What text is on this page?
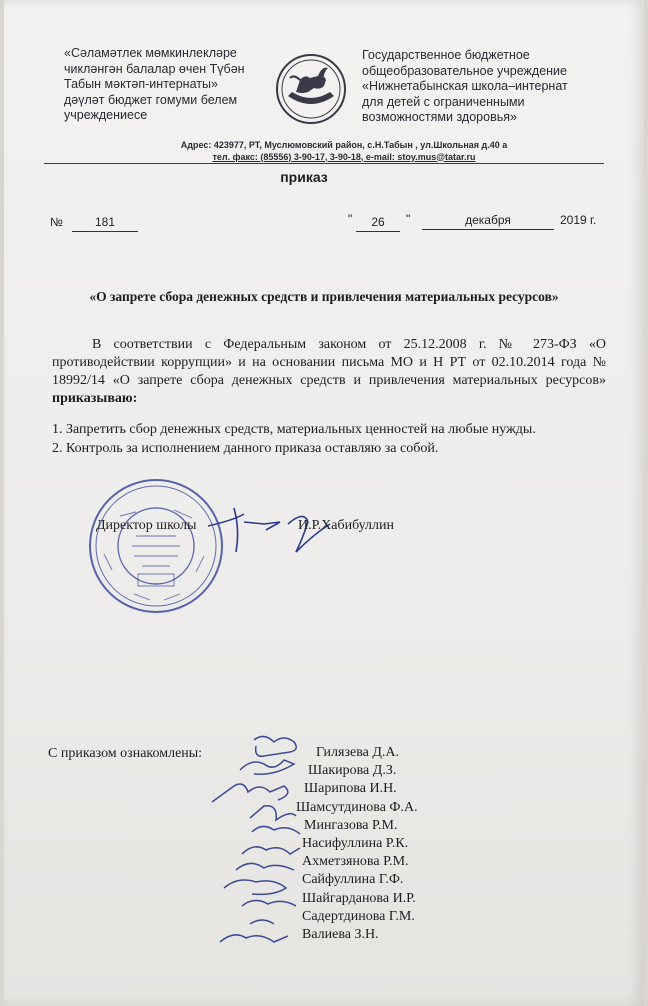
«Сәламәтлек мөмкинлекләре
чикләнгән балалар өчен Түбән
Табын мәктәп-интернаты»
дәүләт бюджет гомуми белем
учреждениесе
Государственное бюджетное
общеобразовательное учреждение
«Нижнетабынская школа–интернат
для детей с ограниченными
возможностями здоровья»
Адрес: 423977, РТ, Муслюмовский район, с.Н.Табын , ул.Школьная д.40 а
тел. факс: (85556) 3-90-17, 3-90-18, e-mail: stoy.mus@tatar.ru
приказ
№	181	"	26	"	декабря	2019 г.
«О запрете сбора денежных средств и привлечения материальных ресурсов»

В соответствии с Федеральным законом от 25.12.2008 г. № 273-ФЗ «О противодействии коррупции» и на основании письма МО и Н РТ от 02.10.2014 года № 18992/14 «О запрете сбора денежных средств и привлечения материальных ресурсов» приказываю:

1. Запретить сбор денежных средств, материальных ценностей на любые нужды.
2. Контроль за исполнением данного приказа оставляю за собой.
Директор школы	И.Р.Хабибуллин
С приказом ознакомлены:	Гилязева Д.А.
Шакирова Д.З.
Шарипова И.Н.
Шамсутдинова Ф.А.
Мингазова Р.М.
Насифуллина Р.К.
Ахметзянова Р.М.
Сайфуллина Г.Ф.
Шайгарданова И.Р.
Садертдинова Г.М.
Валиева З.Н.
